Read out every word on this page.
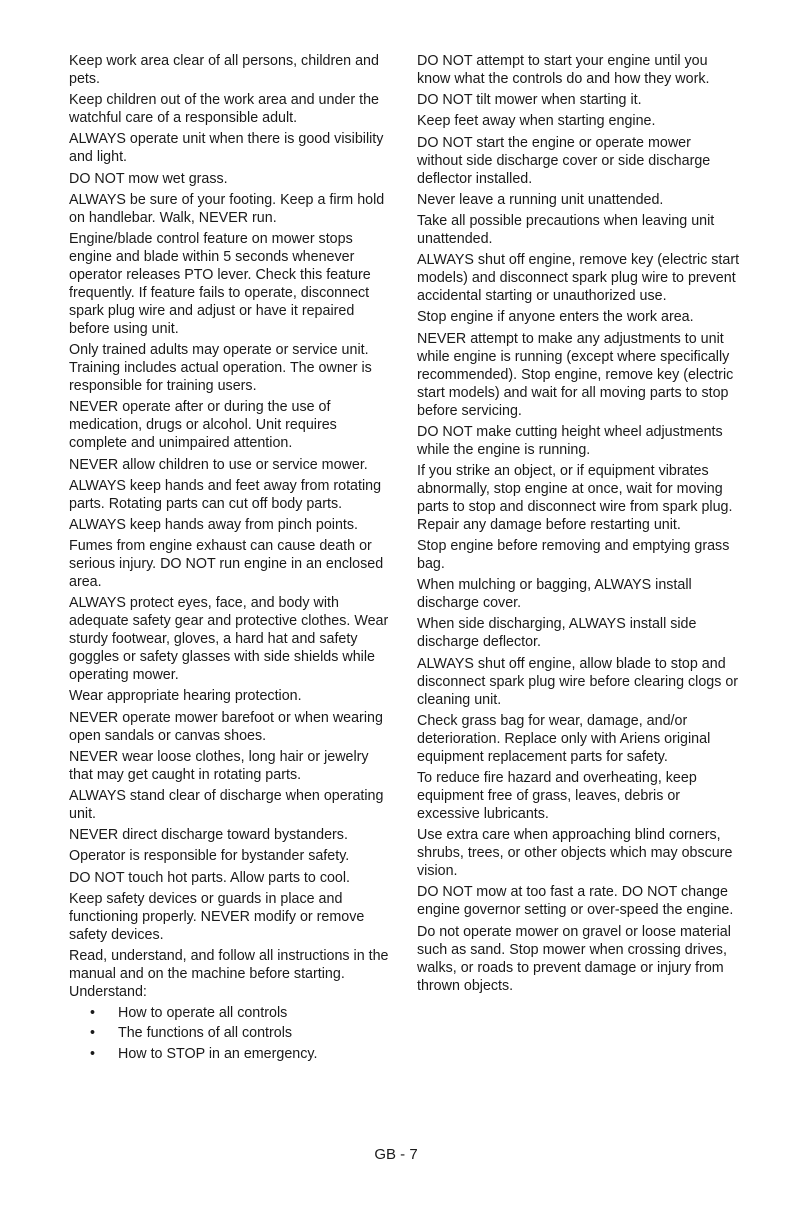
Keep work area clear of all persons, children and pets.

Keep children out of the work area and under the watchful care of a responsible adult.

ALWAYS operate unit when there is good visibility and light.

DO NOT mow wet grass.

ALWAYS be sure of your footing. Keep a firm hold on handlebar. Walk, NEVER run.

Engine/blade control feature on mower stops engine and blade within 5 seconds whenever operator releases PTO lever. Check this feature frequently. If feature fails to operate, disconnect spark plug wire and adjust or have it repaired before using unit.

Only trained adults may operate or service unit. Training includes actual operation. The owner is responsible for training users.

NEVER operate after or during the use of medication, drugs or alcohol. Unit requires complete and unimpaired attention.

NEVER allow children to use or service mower.

ALWAYS keep hands and feet away from rotating parts. Rotating parts can cut off body parts.

ALWAYS keep hands away from pinch points.

Fumes from engine exhaust can cause death or serious injury. DO NOT run engine in an enclosed area.

ALWAYS protect eyes, face, and body with adequate safety gear and protective clothes. Wear sturdy footwear, gloves, a hard hat and safety goggles or safety glasses with side shields while operating mower.

Wear appropriate hearing protection.

NEVER operate mower barefoot or when wearing open sandals or canvas shoes.

NEVER wear loose clothes, long hair or jewelry that may get caught in rotating parts.

ALWAYS stand clear of discharge when operating unit.

NEVER direct discharge toward bystanders.

Operator is responsible for bystander safety.

DO NOT touch hot parts. Allow parts to cool.

Keep safety devices or guards in place and functioning properly. NEVER modify or remove safety devices.

Read, understand, and follow all instructions in the manual and on the machine before starting. Understand:

• How to operate all controls
• The functions of all controls
• How to STOP in an emergency.

DO NOT attempt to start your engine until you know what the controls do and how they work.

DO NOT tilt mower when starting it.

Keep feet away when starting engine.

DO NOT start the engine or operate mower without side discharge cover or side discharge deflector installed.

Never leave a running unit unattended.

Take all possible precautions when leaving unit unattended.

ALWAYS shut off engine, remove key (electric start models) and disconnect spark plug wire to prevent accidental starting or unauthorized use.

Stop engine if anyone enters the work area.

NEVER attempt to make any adjustments to unit while engine is running (except where specifically recommended). Stop engine, remove key (electric start models) and wait for all moving parts to stop before servicing.

DO NOT make cutting height wheel adjustments while the engine is running.

If you strike an object, or if equipment vibrates abnormally, stop engine at once, wait for moving parts to stop and disconnect wire from spark plug. Repair any damage before restarting unit.

Stop engine before removing and emptying grass bag.

When mulching or bagging, ALWAYS install discharge cover.

When side discharging, ALWAYS install side discharge deflector.

ALWAYS shut off engine, allow blade to stop and disconnect spark plug wire before clearing clogs or cleaning unit.

Check grass bag for wear, damage, and/or deterioration. Replace only with Ariens original equipment replacement parts for safety.

To reduce fire hazard and overheating, keep equipment free of grass, leaves, debris or excessive lubricants.

Use extra care when approaching blind corners, shrubs, trees, or other objects which may obscure vision.

DO NOT mow at too fast a rate. DO NOT change engine governor setting or over-speed the engine.

Do not operate mower on gravel or loose material such as sand. Stop mower when crossing drives, walks, or roads to prevent damage or injury from thrown objects.

GB - 7
